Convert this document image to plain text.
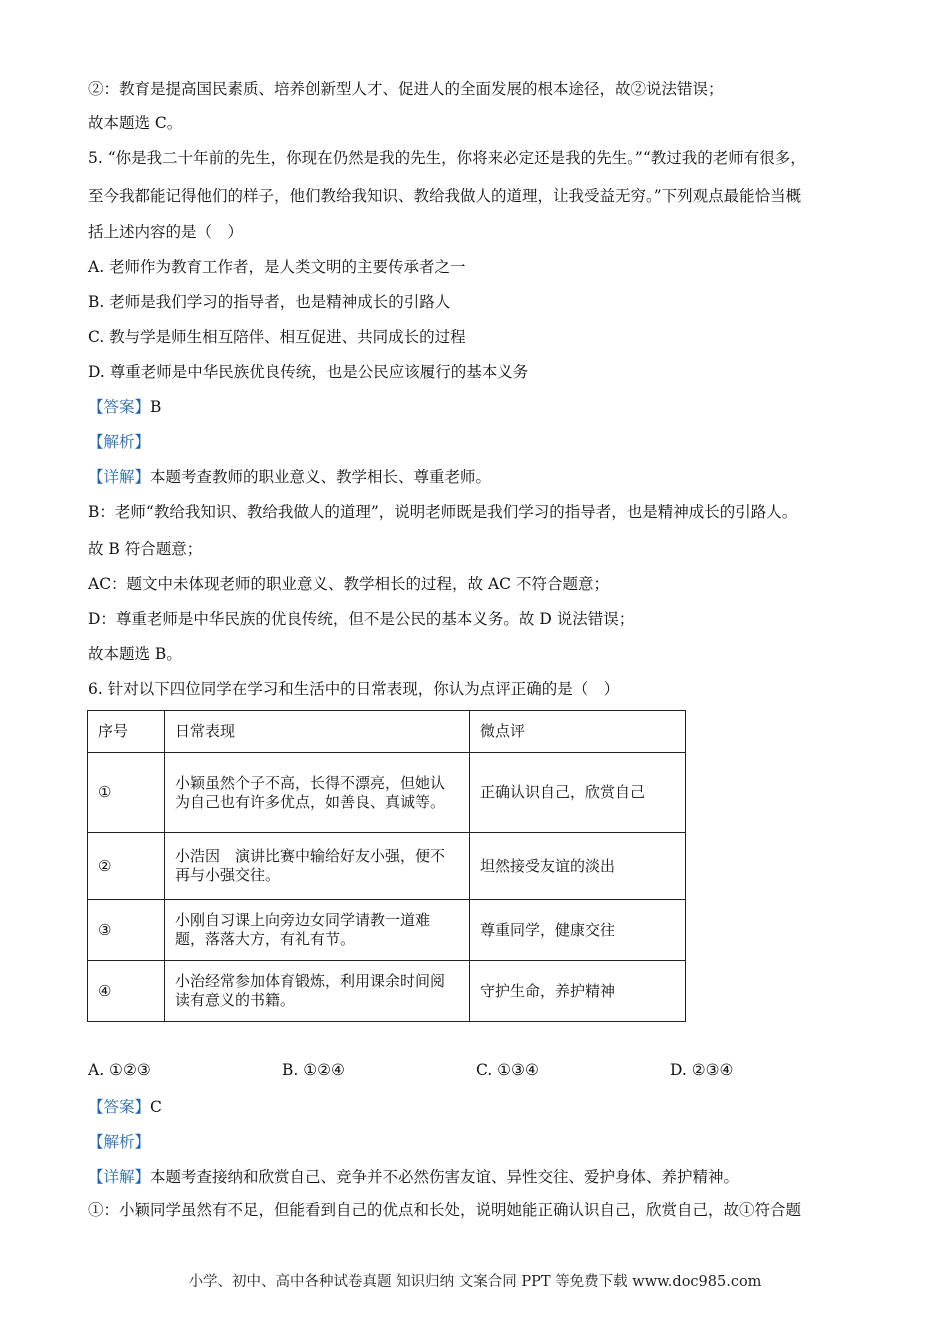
②：教育是提高国民素质、培养创新型人才、促进人的全面发展的根本途径，故②说法错误；
故本题选 C。
5. “你是我二十年前的先生，你现在仍然是我的先生，你将来必定还是我的先生。”“教过我的老师有很多，
至今我都能记得他们的样子，他们教给我知识、教给我做人的道理，让我受益无穷。”下列观点最能恰当概
括上述内容的是（　）
A. 老师作为教育工作者，是人类文明的主要传承者之一
B. 老师是我们学习的指导者，也是精神成长的引路人
C. 教与学是师生相互陪伴、相互促进、共同成长的过程
D. 尊重老师是中华民族优良传统，也是公民应该履行的基本义务
【答案】B
【解析】
【详解】本题考查教师的职业意义、教学相长、尊重老师。
B：老师“教给我知识、教给我做人的道理”，说明老师既是我们学习的指导者，也是精神成长的引路人。
故 B 符合题意；
AC：题文中未体现老师的职业意义、教学相长的过程，故 AC 不符合题意；
D：尊重老师是中华民族的优良传统，但不是公民的基本义务。故 D 说法错误；
故本题选 B。
6. 针对以下四位同学在学习和生活中的日常表现，你认为点评正确的是（　）
序号	日常表现	微点评
①	小颖虽然个子不高，长得不漂亮，但她认为自己也有许多优点，如善良、真诚等。	正确认识自己，欣赏自己
②	小浩因　演讲比赛中输给好友小强，便不再与小强交往。	坦然接受友谊的淡出
③	小刚自习课上向旁边女同学请教一道难题，落落大方，有礼有节。	尊重同学，健康交往
④	小治经常参加体育锻炼，利用课余时间阅读有意义的书籍。	守护生命，养护精神
A. ①②③	B. ①②④	C. ①③④	D. ②③④
【答案】C
【解析】
【详解】本题考查接纳和欣赏自己、竞争并不必然伤害友谊、异性交往、爱护身体、养护精神。
①：小颖同学虽然有不足，但能看到自己的优点和长处，说明她能正确认识自己，欣赏自己，故①符合题
小学、初中、高中各种试卷真题 知识归纳 文案合同 PPT 等免费下载 www.doc985.com
